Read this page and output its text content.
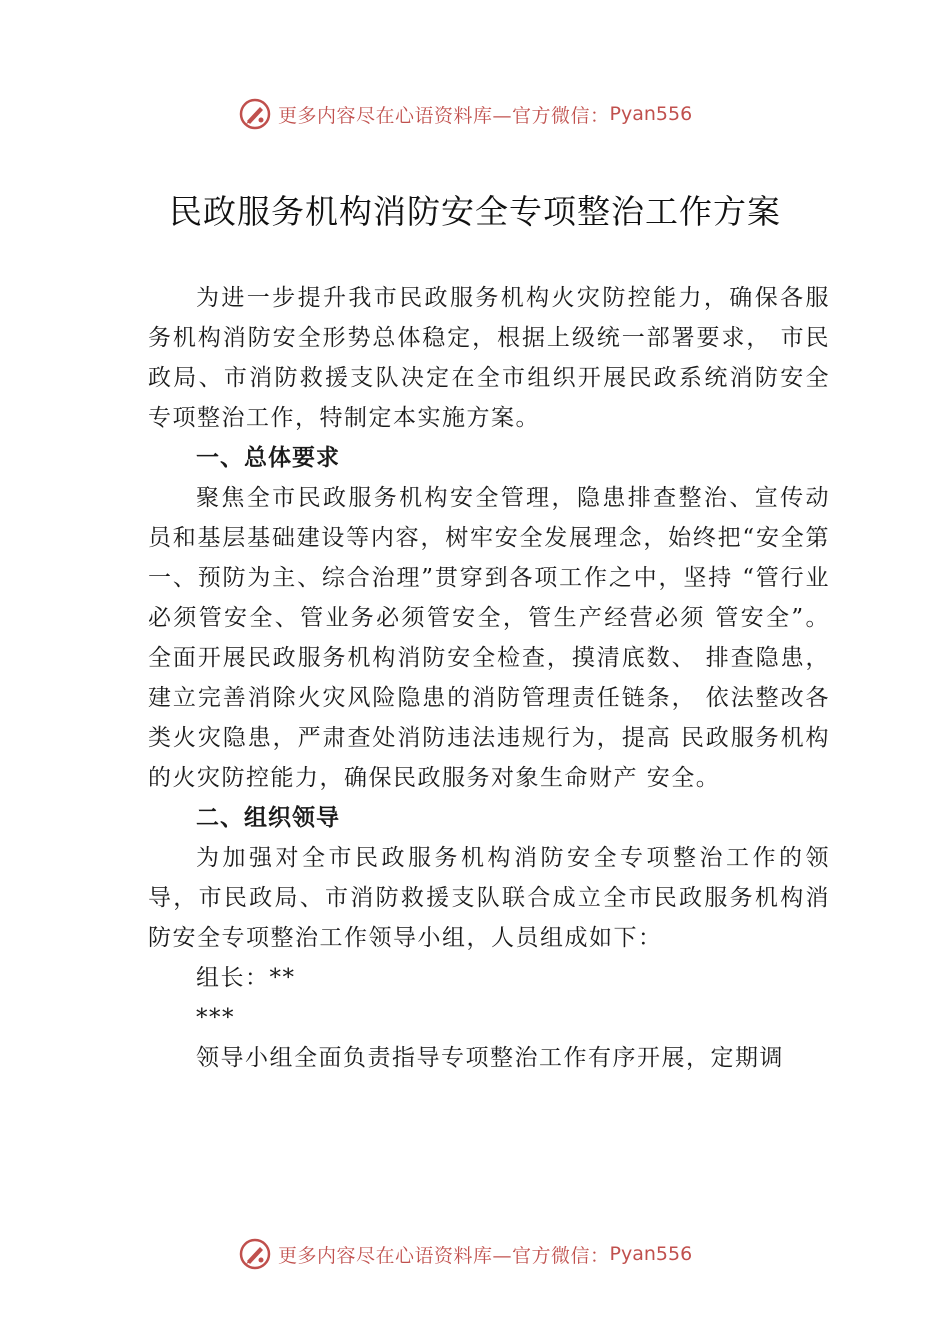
更多内容尽在心语资料库—官方微信： Pyan556
民政服务机构消防安全专项整治工作方案

为进一步提升我市民政服务机构火灾防控能力，确保各服务机构消防安全形势总体稳定，根据上级统一部署要求， 市民政局、市消防救援支队决定在全市组织开展民政系统消防安全专项整治工作，特制定本实施方案。

一、总体要求

聚焦全市民政服务机构安全管理，隐患排查整治、宣传动员和基层基础建设等内容，树牢安全发展理念，始终把“安全第一、预防为主、综合治理”贯穿到各项工作之中，坚持 “管行业必须管安全、管业务必须管安全，管生产经营必须 管安全”。全面开展民政服务机构消防安全检查，摸清底数、 排查隐患，建立完善消除火灾风险隐患的消防管理责任链条， 依法整改各类火灾隐患，严肃查处消防违法违规行为，提高 民政服务机构的火灾防控能力，确保民政服务对象生命财产 安全。

二、组织领导

为加强对全市民政服务机构消防安全专项整治工作的领导，市民政局、市消防救援支队联合成立全市民政服务机构消防安全专项整治工作领导小组，人员组成如下：

组长：**

***

领导小组全面负责指导专项整治工作有序开展，定期调

更多内容尽在心语资料库—官方微信： Pyan556
